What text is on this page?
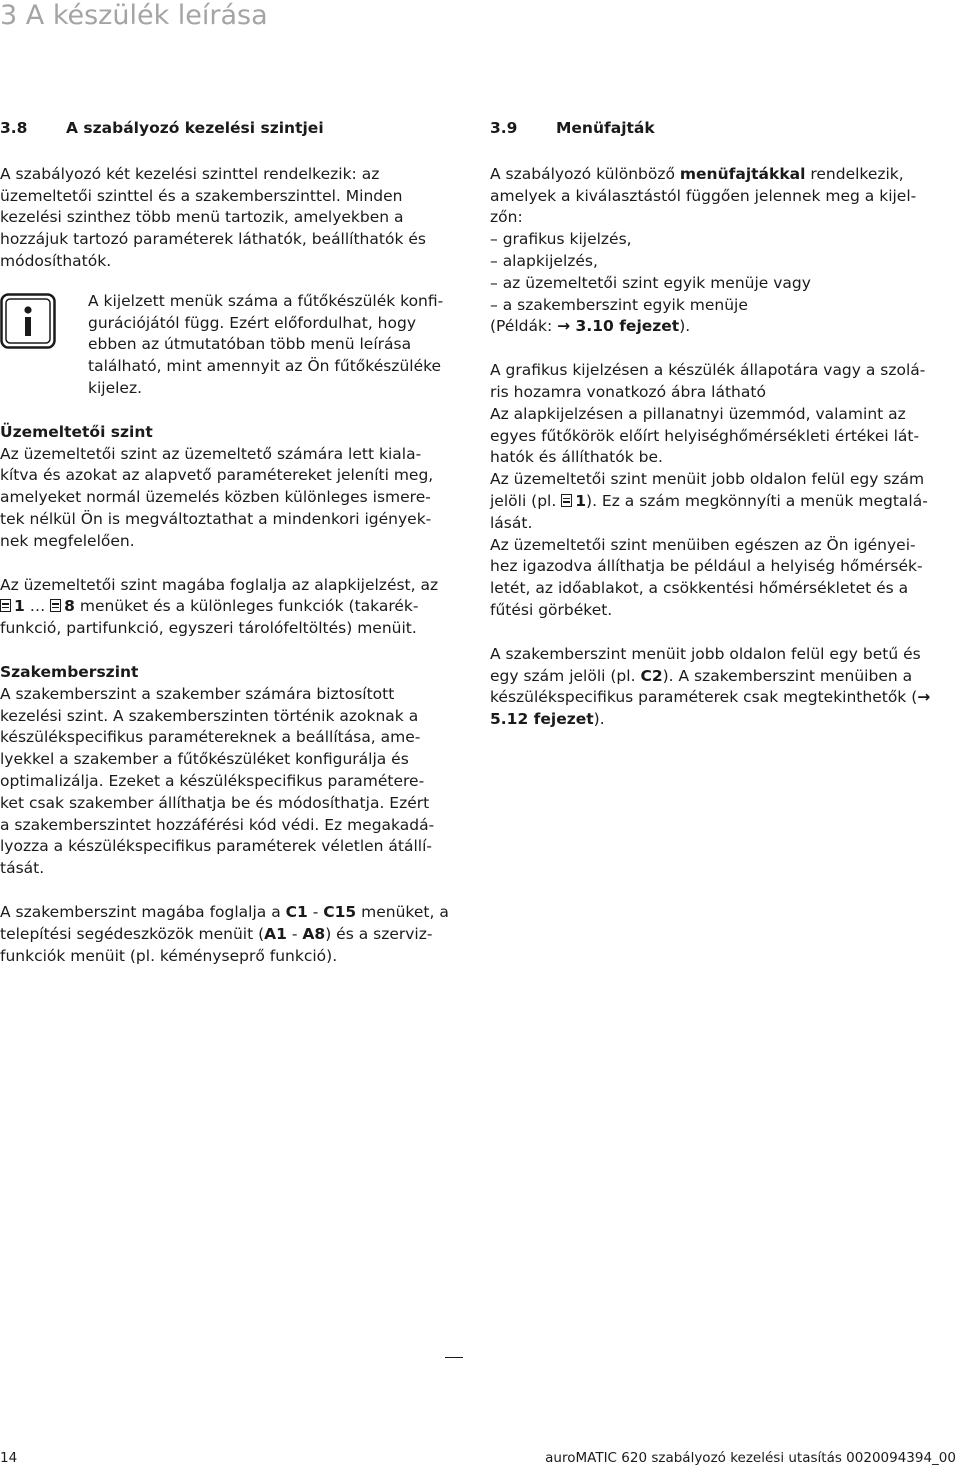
3 A készülék leírása
3.8	A szabályozó kezelési szintjei

A szabályozó két kezelési szinttel rendelkezik: az
üzemeltetői szinttel és a szakemberszinttel. Minden
kezelési szinthez több menü tartozik, amelyekben a
hozzájuk tartozó paraméterek láthatók, beállíthatók és
módosíthatók.

A kijelzett menük száma a fűtőkészülék konfi-
gurációjától függ. Ezért előfordulhat, hogy
ebben az útmutatóban több menü leírása
található, mint amennyit az Ön fűtőkészüléke
kijelez.

Üzemeltetői szint

Az üzemeltetői szint az üzemeltető számára lett kiala-
kítva és azokat az alapvető paramétereket jeleníti meg,
amelyeket normál üzemelés közben különleges ismere-
tek nélkül Ön is megváltoztathat a mindenkori igények-
nek megfelelően.

Az üzemeltetői szint magába foglalja az alapkijelzést, az
1 … 8 menüket és a különleges funkciók (takarék-
funkció, partifunkció, egyszeri tárolófeltöltés) menüit.

Szakemberszint

A szakemberszint a szakember számára biztosított
kezelési szint. A szakemberszinten történik azoknak a
készülékspecifikus paramétereknek a beállítása, ame-
lyekkel a szakember a fűtőkészüléket konfigurálja és
optimalizálja. Ezeket a készülékspecifikus paramétere-
ket csak szakember állíthatja be és módosíthatja. Ezért
a szakemberszintet hozzáférési kód védi. Ez megakadá-
lyozza a készülékspecifikus paraméterek véletlen átállí-
tását.

A szakemberszint magába foglalja a C1 - C15 menüket, a
telepítési segédeszközök menüit (A1 - A8) és a szerviz-
funkciók menüit (pl. kéményseprő funkció).

3.9	Menüfajták

A szabályozó különböző menüfajtákkal rendelkezik,
amelyek a kiválasztástól függően jelennek meg a kijel-
zőn:

– grafikus kijelzés,
– alapkijelzés,
– az üzemeltetői szint egyik menüje vagy
– a szakemberszint egyik menüje

(Példák: → 3.10 fejezet).

A grafikus kijelzésen a készülék állapotára vagy a szolá-
ris hozamra vonatkozó ábra látható
Az alapkijelzésen a pillanatnyi üzemmód, valamint az
egyes fűtőkörök előírt helyiséghőmérsékleti értékei lát-
hatók és állíthatók be.

Az üzemeltetői szint menüit jobb oldalon felül egy szám
jelöli (pl. 1). Ez a szám megkönnyíti a menük megtalá-
lását.

Az üzemeltetői szint menüiben egészen az Ön igényei-
hez igazodva állíthatja be például a helyiség hőmérsék-
letét, az időablakot, a csökkentési hőmérsékletet és a
fűtési görbéket.

A szakemberszint menüit jobb oldalon felül egy betű és
egy szám jelöli (pl. C2). A szakemberszint menüiben a
készülékspecifikus paraméterek csak megtekinthetők (→
5.12 fejezet).

14	auroMATIC 620 szabályozó kezelési utasítás 0020094394_00
